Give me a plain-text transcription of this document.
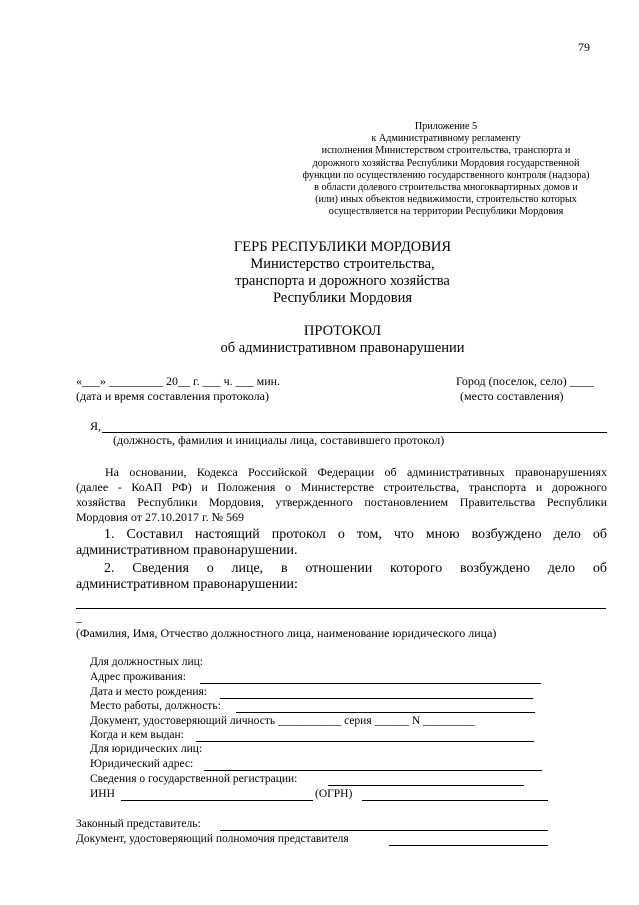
79
Приложение 5
к Административному регламенту
исполнения Министерством строительства, транспорта и
дорожного хозяйства Республики Мордовия государственной
функции по осуществлению государственного контроля (надзора)
в области долевого строительства многоквартирных домов и
(или) иных объектов недвижимости, строительство которых
осуществляется на территории Республики Мордовия
ГЕРБ РЕСПУБЛИКИ МОРДОВИЯ
Министерство строительства,
транспорта и дорожного хозяйства
Республики Мордовия
ПРОТОКОЛ
об административном правонарушении
«___» _________ 20__ г. ___ ч. ___ мин.
(дата и время составления протокола)
Город (поселок, село) ____
(место составления)
Я,
(должность, фамилия и инициалы лица, составившего протокол)
На основании, Кодекса Российской Федерации об административных правонарушениях
(далее - КоАП РФ) и Положения о Министерстве строительства, транспорта и дорожного
хозяйства Республики Мордовия, утвержденного постановлением Правительства Республики
Мордовия от 27.10.2017 г. № 569
1. Составил настоящий протокол о том, что мною возбуждено дело об
административном правонарушении.
2. Сведения о лице, в отношении которого возбуждено дело об
административном правонарушении:
_
(Фамилия, Имя, Отчество должностного лица, наименование юридического лица)
Для должностных лиц:
Адрес проживания:
Дата и место рождения:
Место работы, должность:
Документ, удостоверяющий личность ___________ серия ______ N _________
Когда и кем выдан:
Для юридических лиц:
Юридический адрес:
Сведения о государственной регистрации:
ИНН	(ОГРН)
Законный представитель:
Документ, удостоверяющий полномочия представителя
